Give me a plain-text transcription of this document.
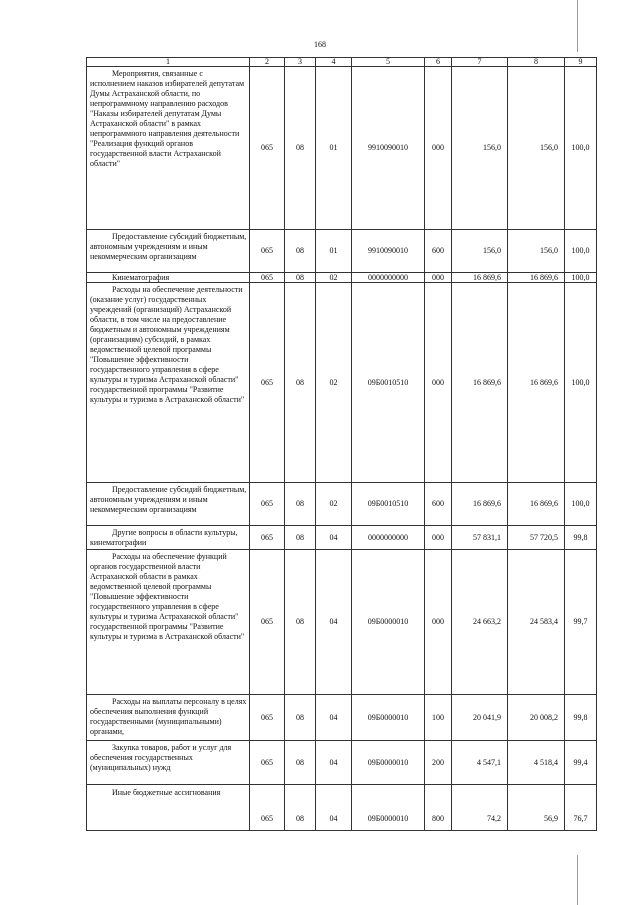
168
1	2	3	4	5	6	7	8	9
Мероприятия, связанные с исполнением наказов избирателей депутатам Думы Астраханской области, по непрограммному направлению расходов "Наказы избирателей депутатам Думы Астраханской области" в рамках непрограммного направления деятельности "Реализация функций органов государственной власти Астраханской области"	065	08	01	9910090010	000	156,0	156,0	100,0
Предоставление субсидий бюджетным, автономным учреждениям и иным некоммерческим организациям	065	08	01	9910090010	600	156,0	156,0	100,0
Кинематография	065	08	02	0000000000	000	16 869,6	16 869,6	100,0
Расходы на обеспечение деятельности (оказание услуг) государственных учреждений (организаций) Астраханской области, в том числе на предоставление бюджетным и автономным учреждениям (организациям) субсидий, в рамках ведомственной целевой программы "Повышение эффективности государственного управления в сфере культуры и туризма Астраханской области" государственной программы "Развитие культуры и туризма в Астраханской области"	065	08	02	09Б0010510	000	16 869,6	16 869,6	100,0
Предоставление субсидий бюджетным, автономным учреждениям и иным некоммерческим организациям	065	08	02	09Б0010510	600	16 869,6	16 869,6	100,0
Другие вопросы в области культуры, кинематографии	065	08	04	0000000000	000	57 831,1	57 720,5	99,8
Расходы на обеспечение функций органов государственной власти Астраханской области в рамках ведомственной целевой программы "Повышение эффективности государственного управления в сфере культуры и туризма Астраханской области" государственной программы "Развитие культуры и туризма в Астраханской области"	065	08	04	09Б0000010	000	24 663,2	24 583,4	99,7
Расходы на выплаты персоналу в целях обеспечения выполнения функций государственными (муниципальными) органами,	065	08	04	09Б0000010	100	20 041,9	20 008,2	99,8
Закупка товаров, работ и услуг для обеспечения государственных (муниципальных) нужд	065	08	04	09Б0000010	200	4 547,1	4 518,4	99,4
Иные бюджетные ассигнования	065	08	04	09Б0000010	800	74,2	56,9	76,7
